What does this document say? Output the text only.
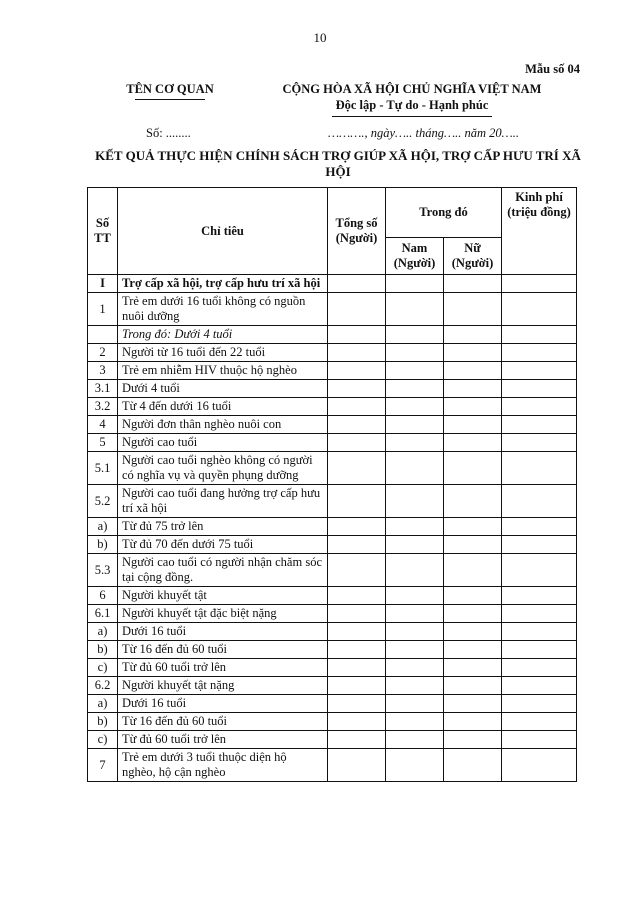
10
Mẫu số 04
TÊN CƠ QUAN	CỘNG HÒA XÃ HỘI CHỦ NGHĨA VIỆT NAM
Độc lập - Tự do - Hạnh phúc
Số: ........	………., ngày….. tháng….. năm 20…..
KẾT QUẢ THỰC HIỆN CHÍNH SÁCH TRỢ GIÚP XÃ HỘI, TRỢ CẤP HƯU TRÍ XÃ HỘI
Số TT	Chỉ tiêu	Tổng số (Người)	Trong đó		Kinh phí (triệu đồng)
			Nam (Người)	Nữ (Người)	
I	Trợ cấp xã hội, trợ cấp hưu trí xã hội				
1	Trẻ em dưới 16 tuổi không có nguồn nuôi dưỡng				
	Trong đó: Dưới 4 tuổi				
2	Người từ 16 tuổi đến 22 tuổi				
3	Trẻ em nhiễm HIV thuộc hộ nghèo				
3.1	Dưới 4 tuổi				
3.2	Từ 4 đến dưới 16 tuổi				
4	Người đơn thân nghèo nuôi con				
5	Người cao tuổi				
5.1	Người cao tuổi nghèo không có người có nghĩa vụ và quyền phụng dưỡng				
5.2	Người cao tuổi đang hưởng trợ cấp hưu trí xã hội				
a)	Từ đủ 75 trở lên				
b)	Từ đủ 70 đến dưới 75 tuổi				
5.3	Người cao tuổi có người nhận chăm sóc tại cộng đồng.				
6	Người khuyết tật				
6.1	Người khuyết tật đặc biệt nặng				
a)	Dưới 16 tuổi				
b)	Từ 16 đến đủ 60 tuổi				
c)	Từ đủ 60 tuổi trở lên				
6.2	Người khuyết tật nặng				
a)	Dưới 16 tuổi				
b)	Từ 16 đến đủ 60 tuổi				
c)	Từ đủ 60 tuổi trở lên				
7	Trẻ em dưới 3 tuổi thuộc diện hộ nghèo, hộ cận nghèo				
